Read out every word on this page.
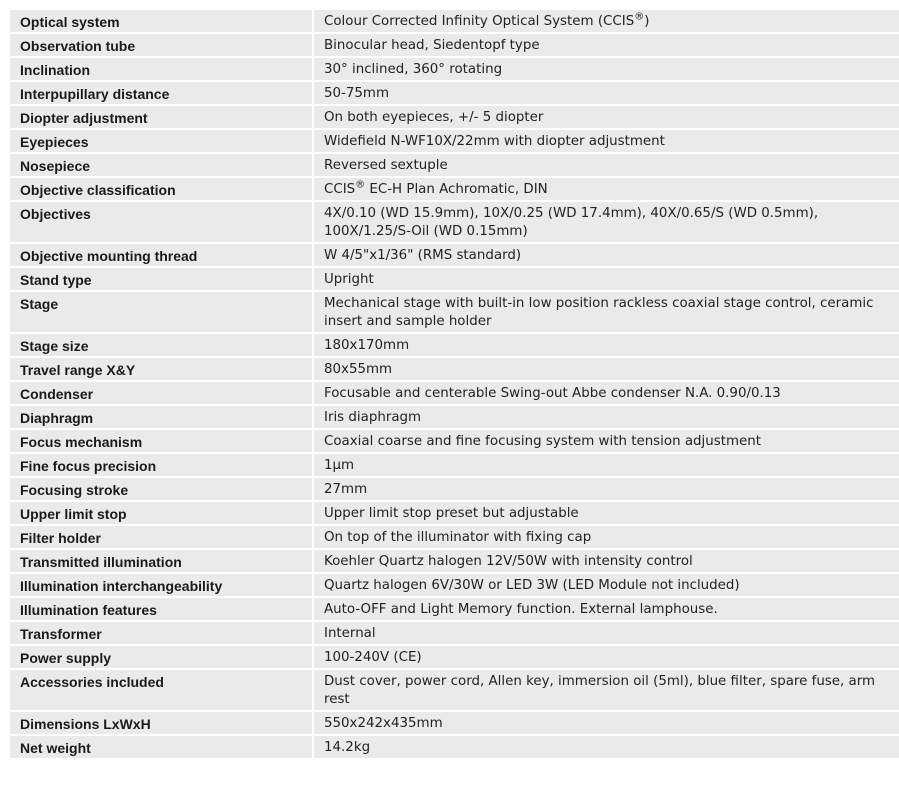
Optical system	Colour Corrected Infinity Optical System (CCIS®)
Observation tube	Binocular head, Siedentopf type
Inclination	30° inclined, 360° rotating
Interpupillary distance	50-75mm
Diopter adjustment	On both eyepieces, +/- 5 diopter
Eyepieces	Widefield N-WF10X/22mm with diopter adjustment
Nosepiece	Reversed sextuple
Objective classification	CCIS® EC-H Plan Achromatic, DIN
Objectives	4X/0.10 (WD 15.9mm), 10X/0.25 (WD 17.4mm), 40X/0.65/S (WD 0.5mm),
100X/1.25/S-Oil (WD 0.15mm)
Objective mounting thread	W 4/5"x1/36" (RMS standard)
Stand type	Upright
Stage	Mechanical stage with built-in low position rackless coaxial stage control, ceramic
insert and sample holder
Stage size	180x170mm
Travel range X&Y	80x55mm
Condenser	Focusable and centerable Swing-out Abbe condenser N.A. 0.90/0.13
Diaphragm	Iris diaphragm
Focus mechanism	Coaxial coarse and fine focusing system with tension adjustment
Fine focus precision	1μm
Focusing stroke	27mm
Upper limit stop	Upper limit stop preset but adjustable
Filter holder	On top of the illuminator with fixing cap
Transmitted illumination	Koehler Quartz halogen 12V/50W with intensity control
Illumination interchangeability	Quartz halogen 6V/30W or LED 3W (LED Module not included)
Illumination features	Auto-OFF and Light Memory function. External lamphouse.
Transformer	Internal
Power supply	100-240V (CE)
Accessories included	Dust cover, power cord, Allen key, immersion oil (5ml), blue filter, spare fuse, arm rest
Dimensions LxWxH	550x242x435mm
Net weight	14.2kg
